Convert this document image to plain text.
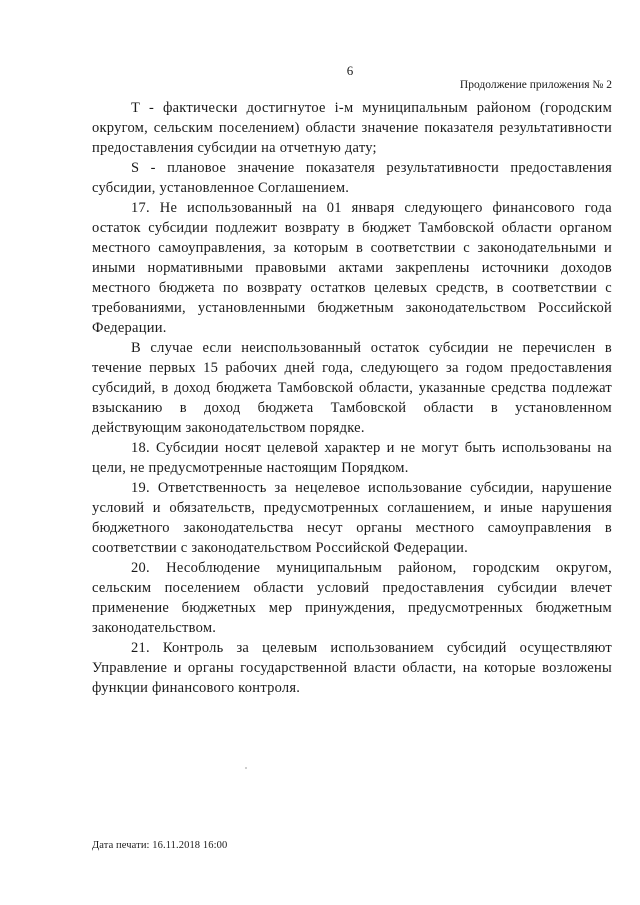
6
Продолжение приложения № 2

Т - фактически достигнутое i-м муниципальным районом (городским округом, сельским поселением) области значение показателя результативности предоставления субсидии на отчетную дату;

S - плановое значение показателя результативности предоставления субсидии, установленное Соглашением.

17. Не использованный на 01 января следующего финансового года остаток субсидии подлежит возврату в бюджет Тамбовской области органом местного самоуправления, за которым в соответствии с законодательными и иными нормативными правовыми актами закреплены источники доходов местного бюджета по возврату остатков целевых средств, в соответствии с требованиями, установленными бюджетным законодательством Российской Федерации.

В случае если неиспользованный остаток субсидии не перечислен в течение первых 15 рабочих дней года, следующего за годом предоставления субсидий, в доход бюджета Тамбовской области, указанные средства подлежат взысканию в доход бюджета Тамбовской области в установленном действующим законодательством порядке.

18. Субсидии носят целевой характер и не могут быть использованы на цели, не предусмотренные настоящим Порядком.

19. Ответственность за нецелевое использование субсидии, нарушение условий и обязательств, предусмотренных соглашением, и иные нарушения бюджетного законодательства несут органы местного самоуправления в соответствии с законодательством Российской Федерации.

20. Несоблюдение муниципальным районом, городским округом, сельским поселением области условий предоставления субсидии влечет применение бюджетных мер принуждения, предусмотренных бюджетным законодательством.

21. Контроль за целевым использованием субсидий осуществляют Управление и органы государственной власти области, на которые возложены функции финансового контроля.

Дата печати: 16.11.2018 16:00
